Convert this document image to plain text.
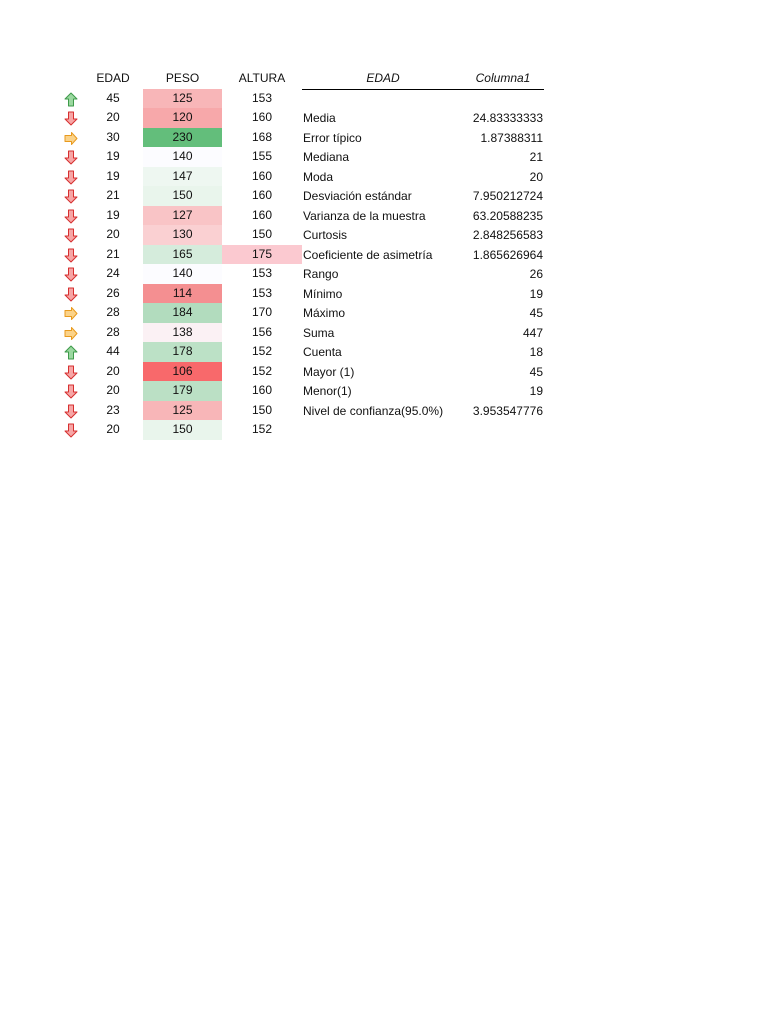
	EDAD	PESO	ALTURA

	45	125	153

	20	120	160

	30	230	168

	19	140	155

	19	147	160

	21	150	160

	19	127	160

	20	130	150

	21	165	175

	24	140	153

	26	114	153

	28	184	170

	28	138	156

	44	178	152

	20	106	152

	20	179	160

	23	125	150

	20	150	152
EDAD	Columna1

Media	24.83333333
Error típico	1.87388311
Mediana	21
Moda	20
Desviación estándar	7.950212724
Varianza de la muestra	63.20588235
Curtosis	2.848256583
Coeficiente de asimetría	1.865626964
Rango	26
Mínimo	19
Máximo	45
Suma	447
Cuenta	18
Mayor (1)	45
Menor(1)	19
Nivel de confianza(95.0%)	3.953547776
